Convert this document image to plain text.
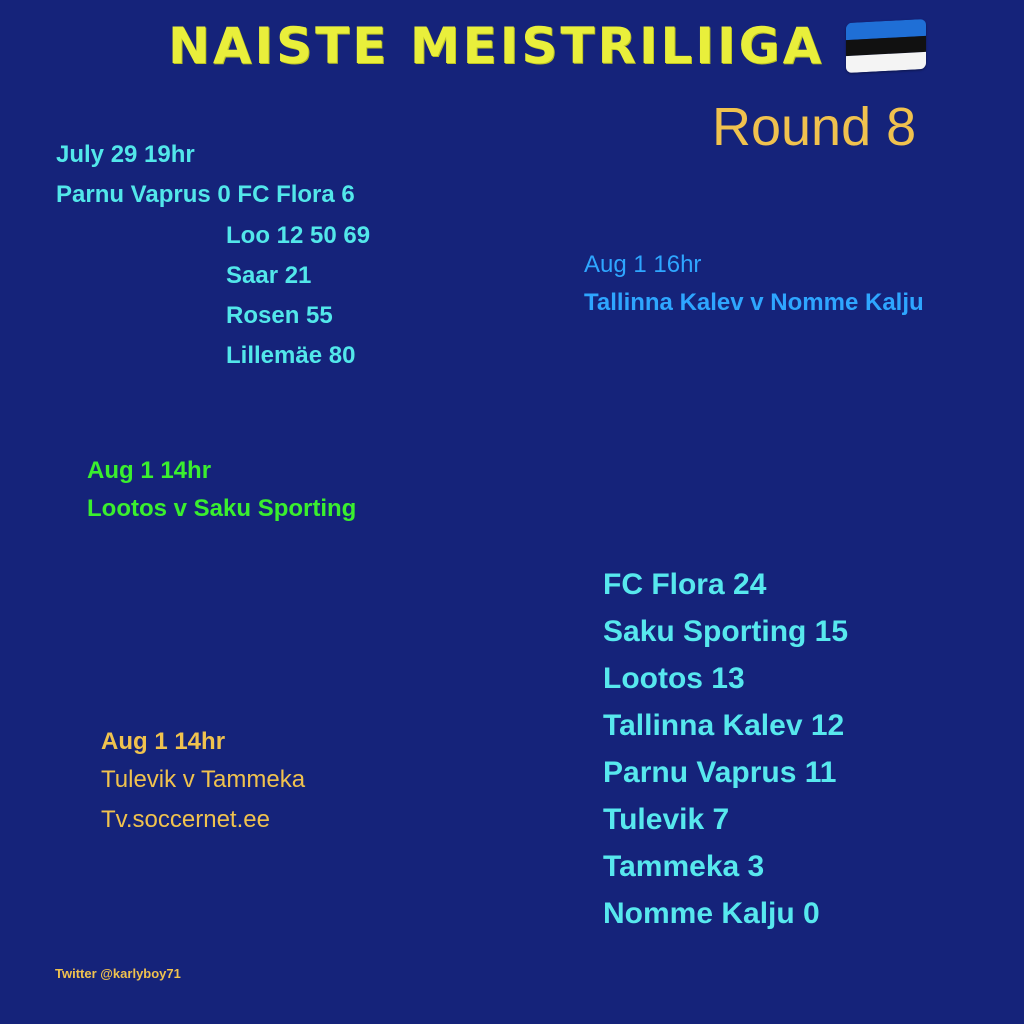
NAISTE MEISTRILIIGA
Round 8
July 29 19hr
Parnu Vaprus 0 FC Flora 6
Loo 12 50 69
Saar 21
Rosen 55
Lillemäe 80
Aug 1 16hr
Tallinna Kalev v Nomme Kalju
Aug 1 14hr
Lootos v Saku Sporting
Aug 1 14hr
Tulevik v Tammeka
Tv.soccernet.ee
FC Flora 24
Saku Sporting 15
Lootos 13
Tallinna Kalev 12
Parnu Vaprus 11
Tulevik 7
Tammeka 3
Nomme Kalju 0
Twitter @karlyboy71
